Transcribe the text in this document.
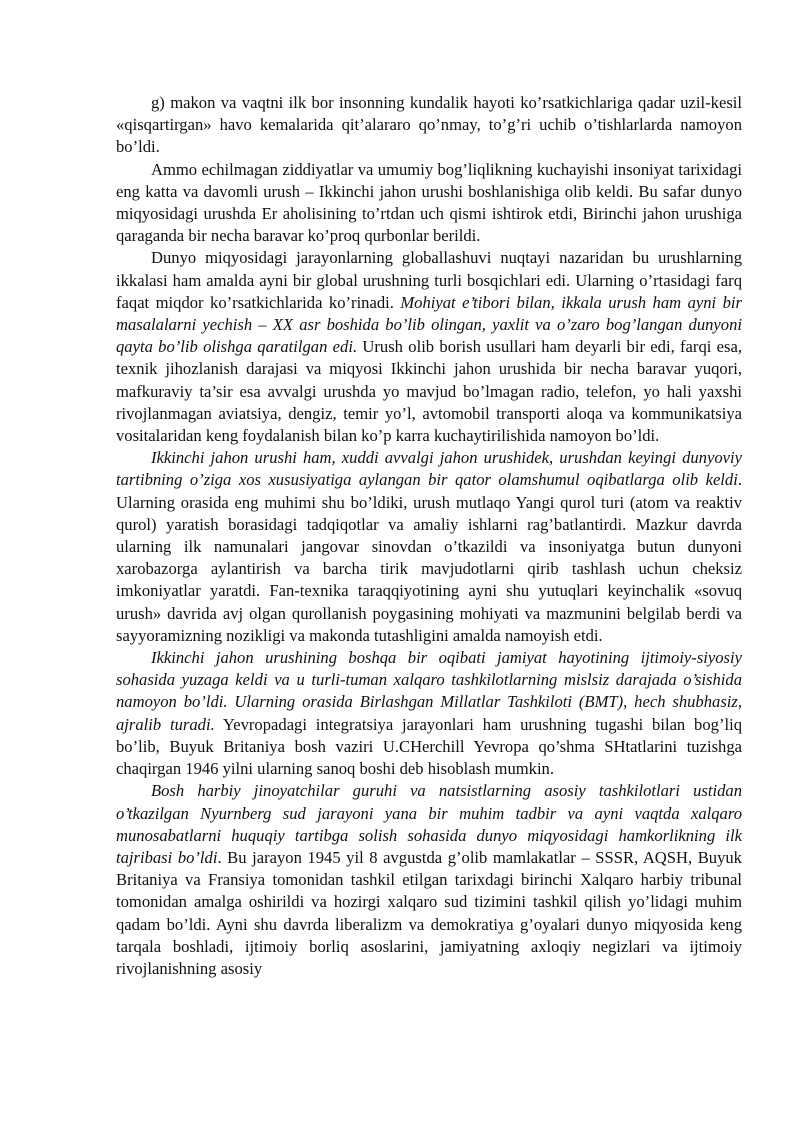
g) makon va vaqtni ilk bor insonning kundalik hayoti ko’rsatkichlariga qadar uzil-kesil «qisqartirgan» havo kemalarida qit’alararo qo’nmay, to’g’ri uchib o’tishlarlarda namoyon bo’ldi.

Ammo echilmagan ziddiyatlar va umumiy bog’liqlikning kuchayishi insoniyat tarixidagi eng katta va davomli urush – Ikkinchi jahon urushi boshlanishiga olib keldi. Bu safar dunyo miqyosidagi urushda Er aholisining to’rtdan uch qismi ishtirok etdi, Birinchi jahon urushiga qaraganda bir necha baravar ko’proq qurbonlar berildi.

Dunyo miqyosidagi jarayonlarning globallashuvi nuqtayi nazaridan bu urushlarning ikkalasi ham amalda ayni bir global urushning turli bosqichlari edi. Ularning o’rtasidagi farq faqat miqdor ko’rsatkichlarida ko’rinadi. Mohiyat e’tibori bilan, ikkala urush ham ayni bir masalalarni yechish – XX asr boshida bo’lib olingan, yaxlit va o’zaro bog’langan dunyoni qayta bo’lib olishga qaratilgan edi. Urush olib borish usullari ham deyarli bir edi, farqi esa, texnik jihozlanish darajasi va miqyosi Ikkinchi jahon urushida bir necha baravar yuqori, mafkuraviy ta’sir esa avvalgi urushda yo mavjud bo’lmagan radio, telefon, yo hali yaxshi rivojlanmagan aviatsiya, dengiz, temir yo’l, avtomobil transporti aloqa va kommunikatsiya vositalaridan keng foydalanish bilan ko’p karra kuchaytirilishida namoyon bo’ldi.

Ikkinchi jahon urushi ham, xuddi avvalgi jahon urushidek, urushdan keyingi dunyoviy tartibning o’ziga xos xususiyatiga aylangan bir qator olamshumul oqibatlarga olib keldi. Ularning orasida eng muhimi shu bo’ldiki, urush mutlaqo Yangi qurol turi (atom va reaktiv qurol) yaratish borasidagi tadqiqotlar va amaliy ishlarni rag’batlantirdi. Mazkur davrda ularning ilk namunalari jangovar sinovdan o’tkazildi va insoniyatga butun dunyoni xarobazorga aylantirish va barcha tirik mavjudotlarni qirib tashlash uchun cheksiz imkoniyatlar yaratdi. Fan-texnika taraqqiyotining ayni shu yutuqlari keyinchalik «sovuq urush» davrida avj olgan qurollanish poygasining mohiyati va mazmunini belgilab berdi va sayyoramizning nozikligi va makonda tutashligini amalda namoyish etdi.

Ikkinchi jahon urushining boshqa bir oqibati jamiyat hayotining ijtimoiy-siyosiy sohasida yuzaga keldi va u turli-tuman xalqaro tashkilotlarning mislsiz darajada o’sishida namoyon bo’ldi. Ularning orasida Birlashgan Millatlar Tashkiloti (BMT), hech shubhasiz, ajralib turadi. Yevropadagi integratsiya jarayonlari ham urushning tugashi bilan bog’liq bo’lib, Buyuk Britaniya bosh vaziri U.CHerchill Yevropa qo’shma SHtatlarini tuzishga chaqirgan 1946 yilni ularning sanoq boshi deb hisoblash mumkin.

Bosh harbiy jinoyatchilar guruhi va natsistlarning asosiy tashkilotlari ustidan o’tkazilgan Nyurnberg sud jarayoni yana bir muhim tadbir va ayni vaqtda xalqaro munosabatlarni huquqiy tartibga solish sohasida dunyo miqyosidagi hamkorlikning ilk tajribasi bo’ldi. Bu jarayon 1945 yil 8 avgustda g’olib mamlakatlar – SSSR, AQSH, Buyuk Britaniya va Fransiya tomonidan tashkil etilgan tarixdagi birinchi Xalqaro harbiy tribunal tomonidan amalga oshirildi va hozirgi xalqaro sud tizimini tashkil qilish yo’lidagi muhim qadam bo’ldi. Ayni shu davrda liberalizm va demokratiya g’oyalari dunyo miqyosida keng tarqala boshladi, ijtimoiy borliq asoslarini, jamiyatning axloqiy negizlari va ijtimoiy rivojlanishning asosiy
